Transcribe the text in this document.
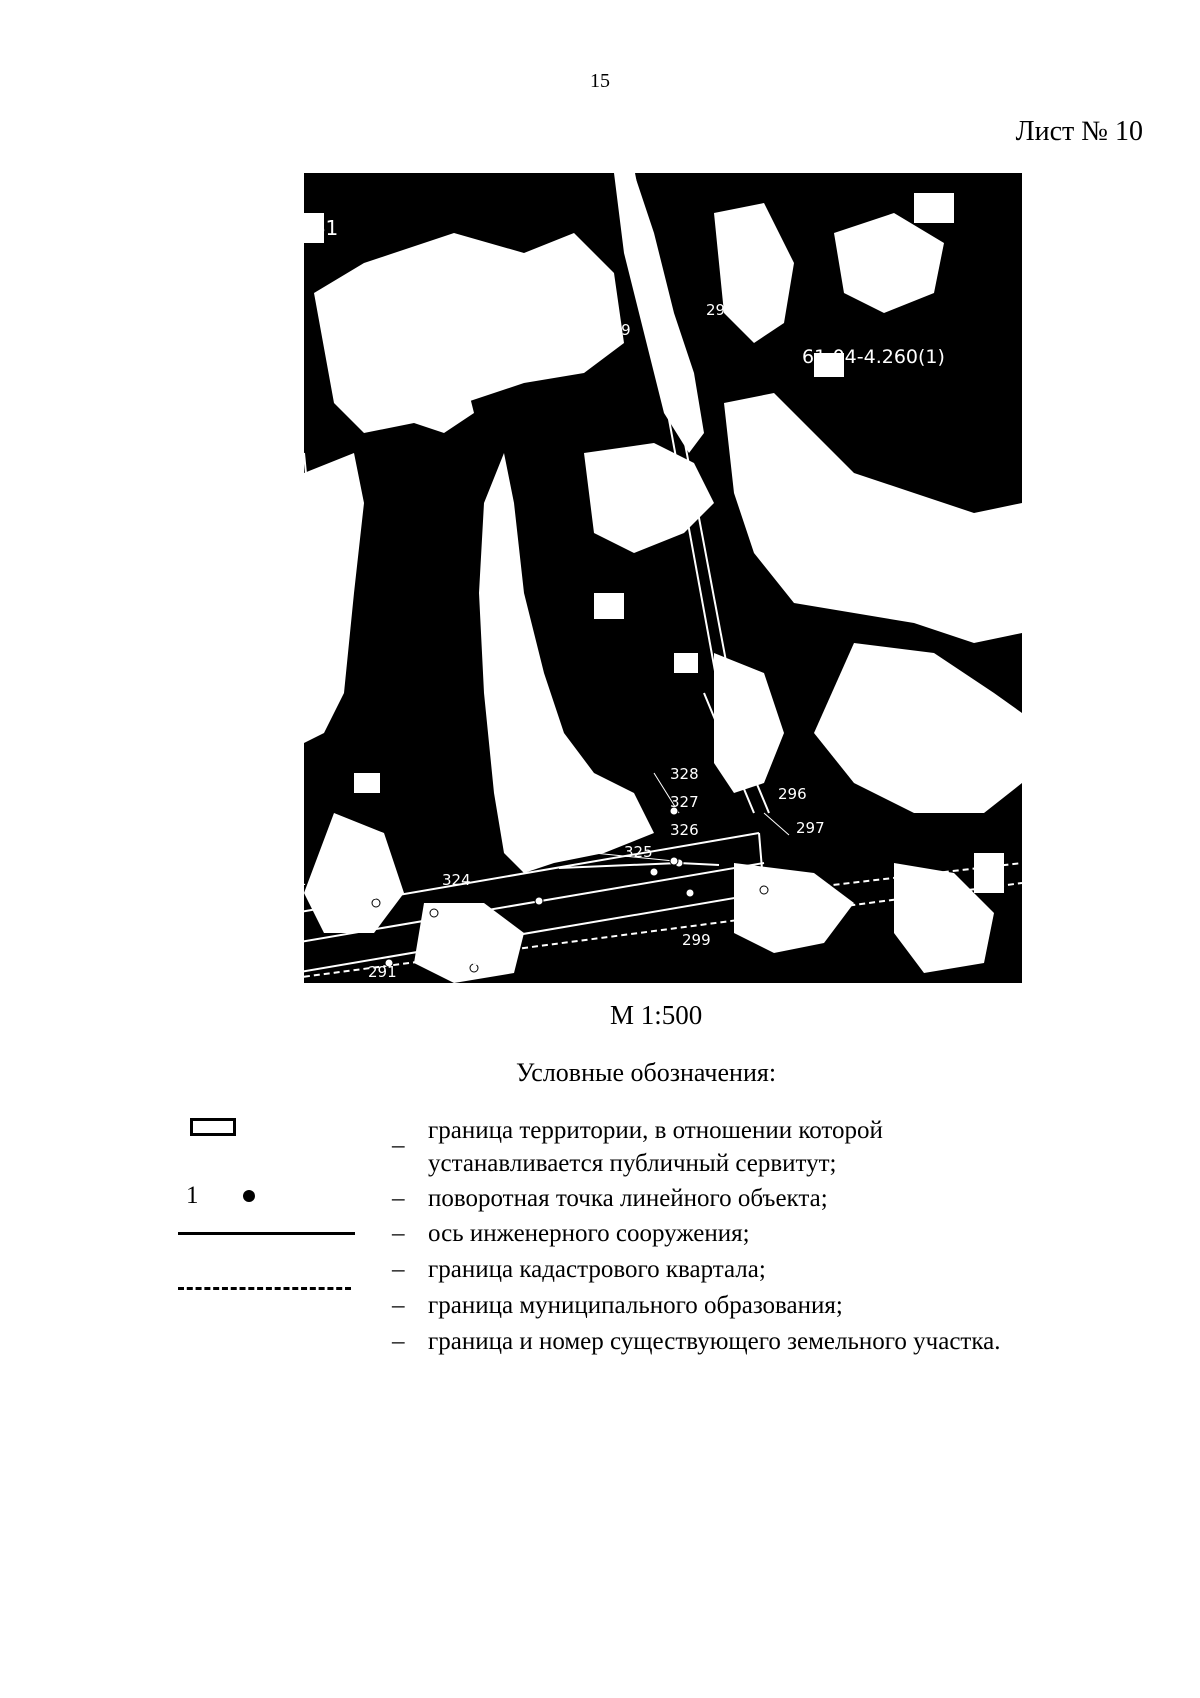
15
Лист № 10
:61
61:04-4.260(1)
61:04:0040301
1
329
295
328
327
326
325
296
297
298
299
290
291
323
324
М 1:500
Условные обозначения:
–
граница территории, в отношении которой
устанавливается публичный сервитут;
1	– поворотная точка линейного объекта;
– ось инженерного сооружения;
– граница кадастрового квартала;
– граница муниципального образования;
– граница и номер существующего земельного участка.
